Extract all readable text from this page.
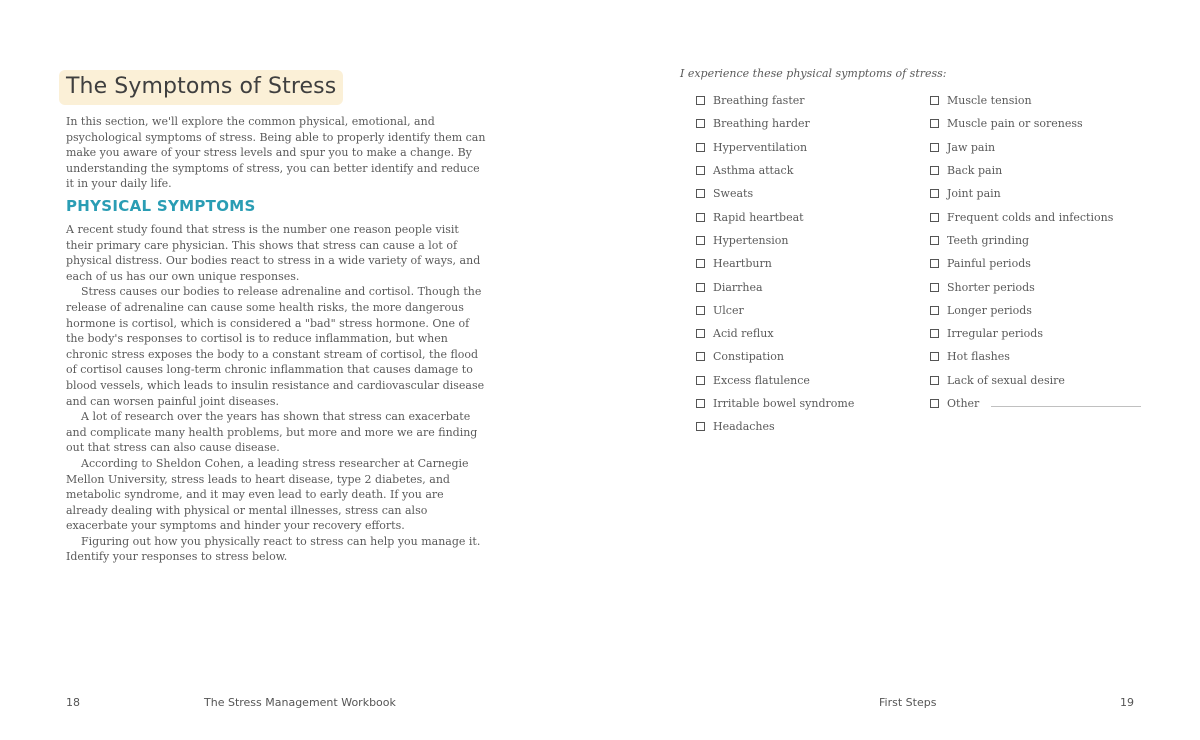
The Symptoms of Stress

In this section, we'll explore the common physical, emotional, and psychological symptoms of stress. Being able to properly identify them can make you aware of your stress levels and spur you to make a change. By understanding the symptoms of stress, you can better identify and reduce it in your daily life.

PHYSICAL SYMPTOMS

A recent study found that stress is the number one reason people visit their primary care physician. This shows that stress can cause a lot of physical distress. Our bodies react to stress in a wide variety of ways, and each of us has our own unique responses.

Stress causes our bodies to release adrenaline and cortisol. Though the release of adrenaline can cause some health risks, the more dangerous hormone is cortisol, which is considered a "bad" stress hormone. One of the body's responses to cortisol is to reduce inflammation, but when chronic stress exposes the body to a constant stream of cortisol, the flood of cortisol causes long-term chronic inflammation that causes damage to blood vessels, which leads to insulin resistance and cardiovascular disease and can worsen painful joint diseases.

A lot of research over the years has shown that stress can exacerbate and complicate many health problems, but more and more we are finding out that stress can also cause disease.

According to Sheldon Cohen, a leading stress researcher at Carnegie Mellon University, stress leads to heart disease, type 2 diabetes, and metabolic syndrome, and it may even lead to early death. If you are already dealing with physical or mental illnesses, stress can also exacerbate your symptoms and hinder your recovery efforts.

Figuring out how you physically react to stress can help you manage it. Identify your responses to stress below.

18	The Stress Management Workbook

I experience these physical symptoms of stress:

Breathing faster
Breathing harder
Hyperventilation
Asthma attack
Sweats
Rapid heartbeat
Hypertension
Heartburn
Diarrhea
Ulcer
Acid reflux
Constipation
Excess flatulence
Irritable bowel syndrome
Headaches
Muscle tension
Muscle pain or soreness
Jaw pain
Back pain
Joint pain
Frequent colds and infections
Teeth grinding
Painful periods
Shorter periods
Longer periods
Irregular periods
Hot flashes
Lack of sexual desire
Other

First Steps	19
